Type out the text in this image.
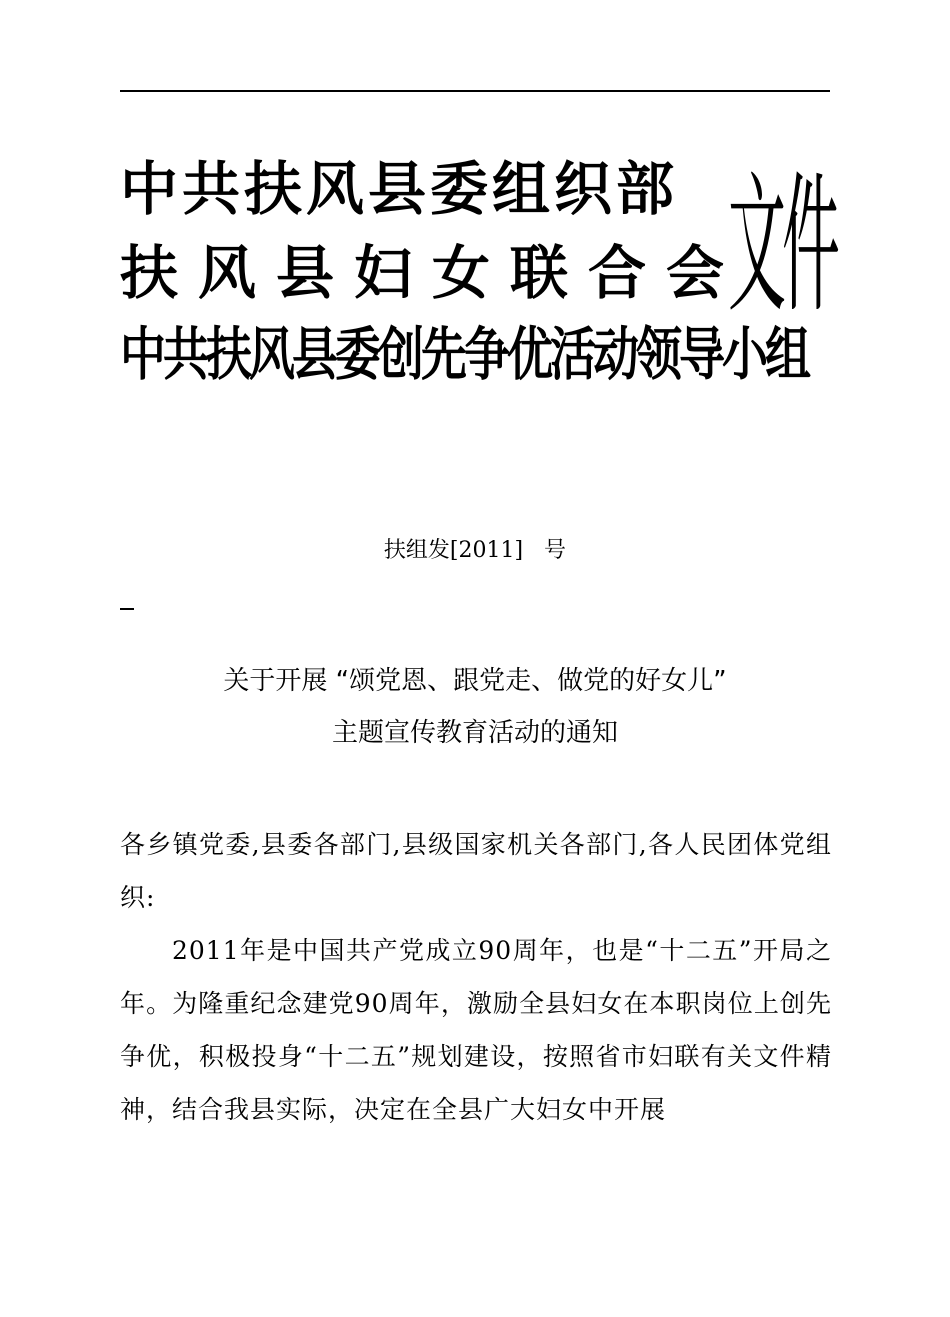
中共扶风县委组织部
扶风县妇女联合会
中共扶风县委创先争优活动领导小组
文件
扶组发[2011]   号
关于开展 “颂党恩、跟党走、做党的好女儿”
主题宣传教育活动的通知

各乡镇党委,县委各部门,县级国家机关各部门,各人民团体党组织:

2011年是中国共产党成立90周年，也是“十二五”开局之年。为隆重纪念建党90周年，激励全县妇女在本职岗位上创先争优，积极投身“十二五”规划建设，按照省市妇联有关文件精神，结合我县实际，决定在全县广大妇女中开展
